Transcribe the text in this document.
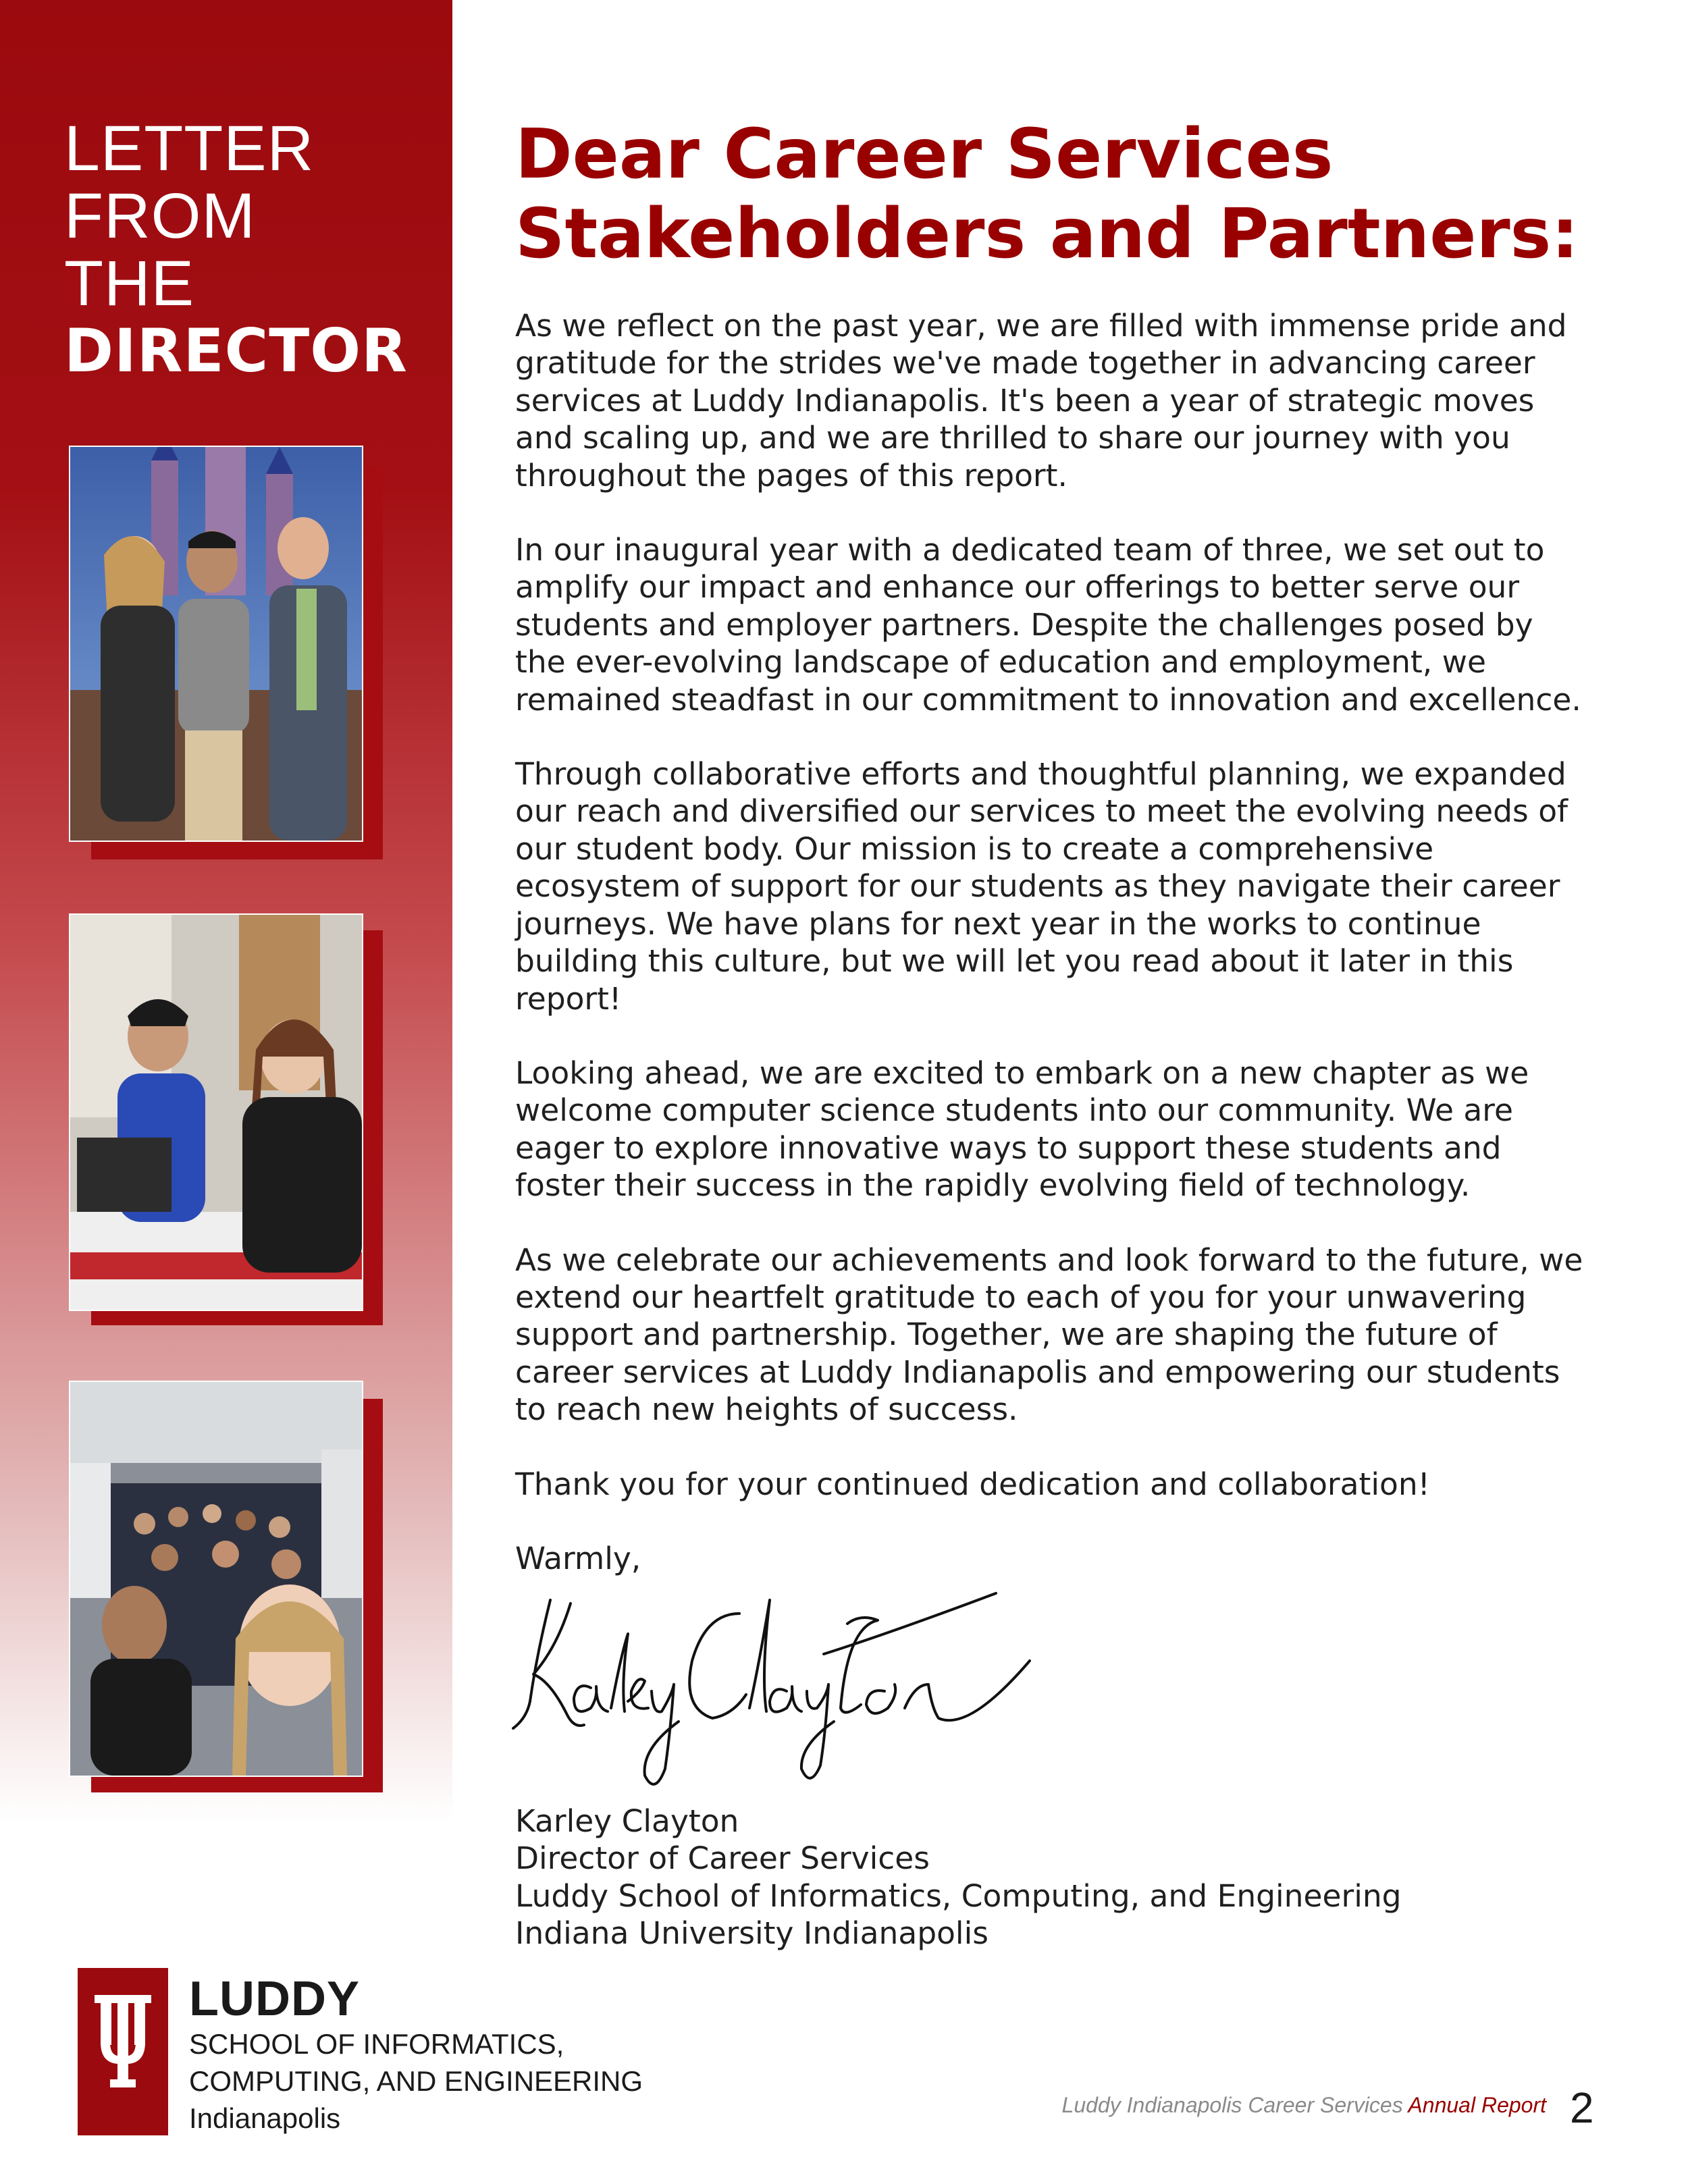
LETTER
FROM
THE
DIRECTOR
Dear Career Services
Stakeholders and Partners:

As we reflect on the past year, we are filled with immense pride and
gratitude for the strides we've made together in advancing career
services at Luddy Indianapolis. It's been a year of strategic moves
and scaling up, and we are thrilled to share our journey with you
throughout the pages of this report.

In our inaugural year with a dedicated team of three, we set out to
amplify our impact and enhance our offerings to better serve our
students and employer partners. Despite the challenges posed by
the ever-evolving landscape of education and employment, we
remained steadfast in our commitment to innovation and excellence.

Through collaborative efforts and thoughtful planning, we expanded
our reach and diversified our services to meet the evolving needs of
our student body. Our mission is to create a comprehensive
ecosystem of support for our students as they navigate their career
journeys. We have plans for next year in the works to continue
building this culture, but we will let you read about it later in this
report!

Looking ahead, we are excited to embark on a new chapter as we
welcome computer science students into our community. We are
eager to explore innovative ways to support these students and
foster their success in the rapidly evolving field of technology.

As we celebrate our achievements and look forward to the future, we
extend our heartfelt gratitude to each of you for your unwavering
support and partnership. Together, we are shaping the future of
career services at Luddy Indianapolis and empowering our students
to reach new heights of success.

Thank you for your continued dedication and collaboration!

Warmly,

Karley Clayton
Director of Career Services
Luddy School of Informatics, Computing, and Engineering
Indiana University Indianapolis
LUDDY
SCHOOL OF INFORMATICS,
COMPUTING, AND ENGINEERING
Indianapolis	Luddy Indianapolis Career Services Annual Report 2
